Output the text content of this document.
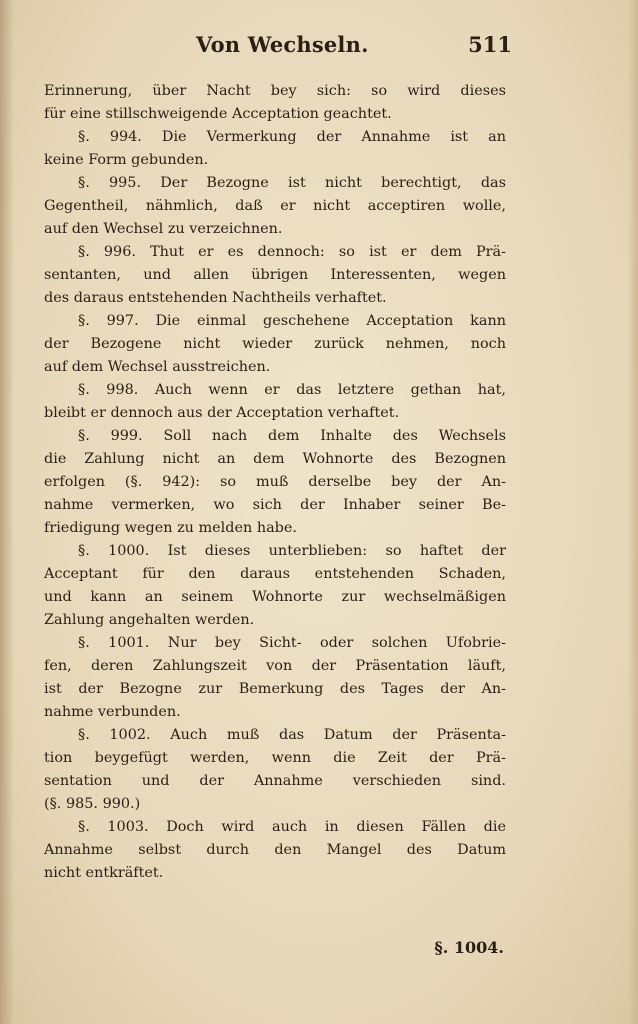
Von Wechseln.	511
Erinnerung, über Nacht bey sich: so wird dieses
für eine stillschweigende Acceptation geachtet.
§. 994. Die Vermerkung der Annahme ist an
keine Form gebunden.
§. 995. Der Bezogne ist nicht berechtigt, das
Gegentheil, nähmlich, daß er nicht acceptiren wolle,
auf den Wechsel zu verzeichnen.
§. 996. Thut er es dennoch: so ist er dem Prä-
sentanten, und allen übrigen Interessenten, wegen
des daraus entstehenden Nachtheils verhaftet.
§. 997. Die einmal geschehene Acceptation kann
der Bezogene nicht wieder zurück nehmen, noch
auf dem Wechsel ausstreichen.
§. 998. Auch wenn er das letztere gethan hat,
bleibt er dennoch aus der Acceptation verhaftet.
§. 999. Soll nach dem Inhalte des Wechsels
die Zahlung nicht an dem Wohnorte des Bezognen
erfolgen (§. 942): so muß derselbe bey der An-
nahme vermerken, wo sich der Inhaber seiner Be-
friedigung wegen zu melden habe.
§. 1000. Ist dieses unterblieben: so haftet der
Acceptant für den daraus entstehenden Schaden,
und kann an seinem Wohnorte zur wechselmäßigen
Zahlung angehalten werden.
§. 1001. Nur bey Sicht- oder solchen Ufobrie-
fen, deren Zahlungszeit von der Präsentation läuft,
ist der Bezogne zur Bemerkung des Tages der An-
nahme verbunden.
§. 1002. Auch muß das Datum der Präsenta-
tion beygefügt werden, wenn die Zeit der Prä-
sentation und der Annahme verschieden sind.
(§. 985. 990.)
§. 1003. Doch wird auch in diesen Fällen die
Annahme selbst durch den Mangel des Datum
nicht entkräftet.
§. 1004.
